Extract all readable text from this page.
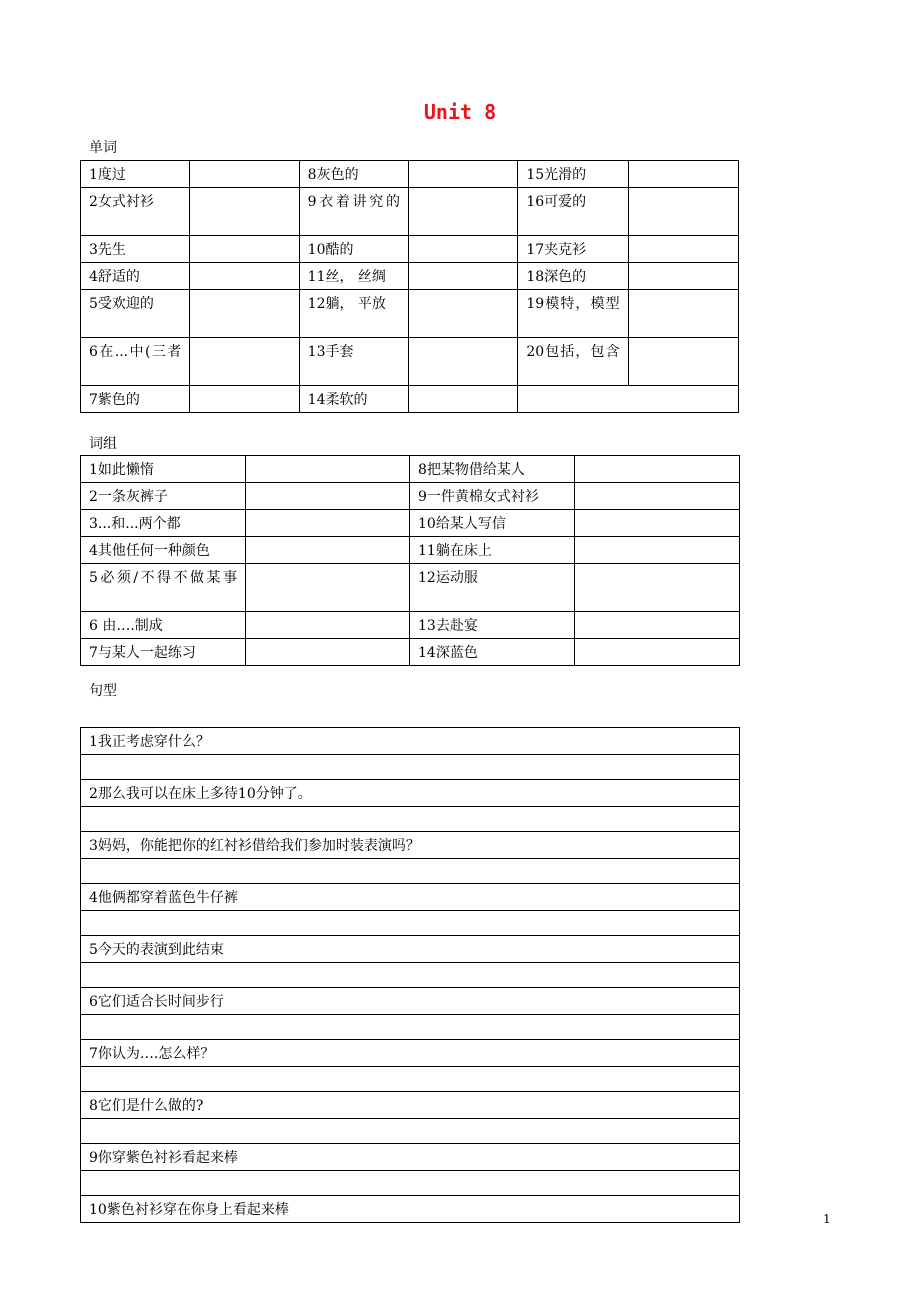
Unit 8
单词
1度过		8灰色的		15光滑的	
2女式衬衫		9衣着讲究的		16可爱的	
3先生		10酷的		17夹克衫	
4舒适的		11丝， 丝绸		18深色的	
5受欢迎的		12躺， 平放		19模特，模型	
6在...中(三者		13手套		20包括，包含	
7紫色的		14柔软的			
词组
1如此懒惰		8把某物借给某人	
2一条灰裤子		9一件黄棉女式衬衫	
3...和...两个都		10给某人写信	
4其他任何一种颜色		11躺在床上	
5必须/不得不做某事		12运动服	
6 由….制成		13去赴宴	
7与某人一起练习		14深蓝色	
句型
1我正考虑穿什么？

2那么我可以在床上多待10分钟了。

3妈妈，你能把你的红衬衫借给我们参加时装表演吗？

4他俩都穿着蓝色牛仔裤

5今天的表演到此结束

6它们适合长时间步行

7你认为….怎么样？

8它们是什么做的?

9你穿紫色衬衫看起来棒

10紫色衬衫穿在你身上看起来棒
1
